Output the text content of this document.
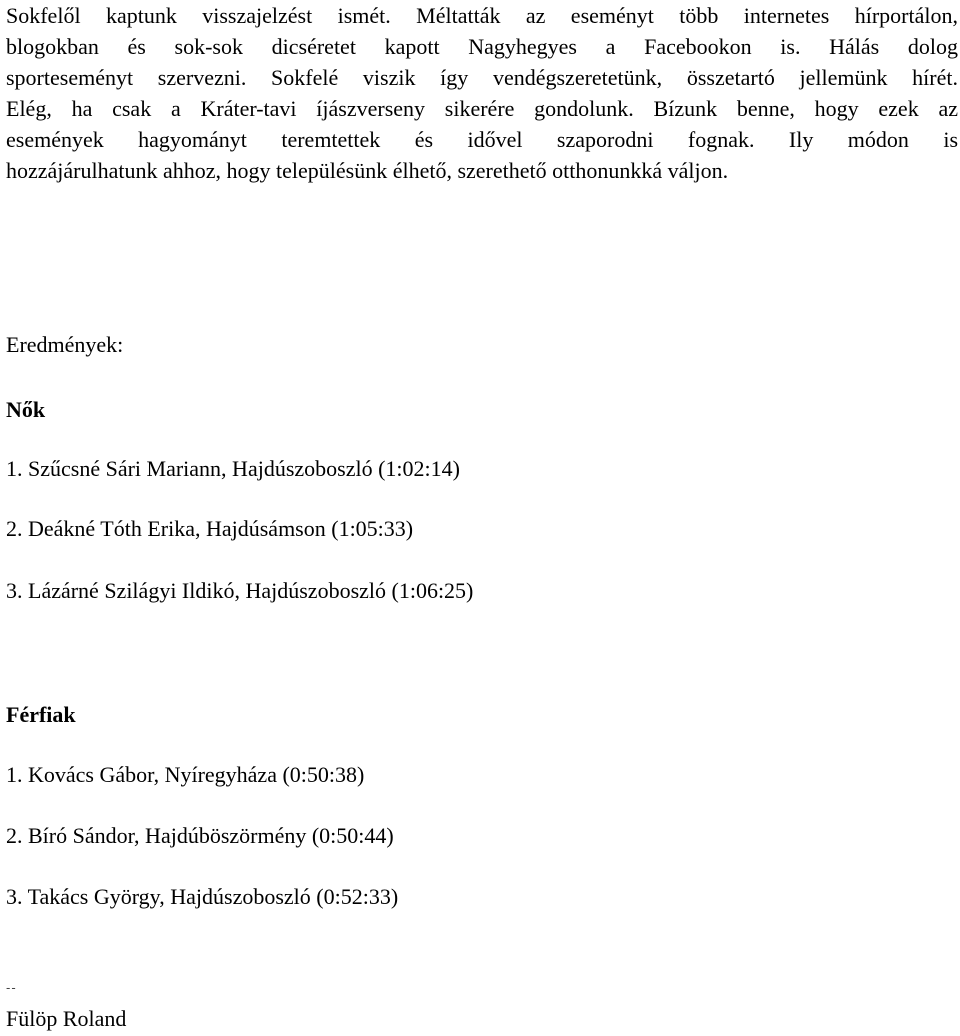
Sokfelől kaptunk visszajelzést ismét. Méltatták az eseményt több internetes hírportálon,
blogokban és sok-sok dicséretet kapott Nagyhegyes a Facebookon is. Hálás dolog
sporteseményt szervezni. Sokfelé viszik így vendégszeretetünk, összetartó jellemünk hírét.
Elég, ha csak a Kráter-tavi íjászverseny sikerére gondolunk. Bízunk benne, hogy ezek az
események hagyományt teremtettek és idővel szaporodni fognak. Ily módon is
hozzájárulhatunk ahhoz, hogy településünk élhető, szerethető otthonunkká váljon.

Eredmények:

Nők

1. Szűcsné Sári Mariann, Hajdúszoboszló (1:02:14)

2. Deákné Tóth Erika, Hajdúsámson (1:05:33)

3. Lázárné Szilágyi Ildikó, Hajdúszoboszló (1:06:25)

Férfiak

1. Kovács Gábor, Nyíregyháza (0:50:38)

2. Bíró Sándor, Hajdúböszörmény (0:50:44)

3. Takács György, Hajdúszoboszló (0:52:33)

--

Fülöp Roland
